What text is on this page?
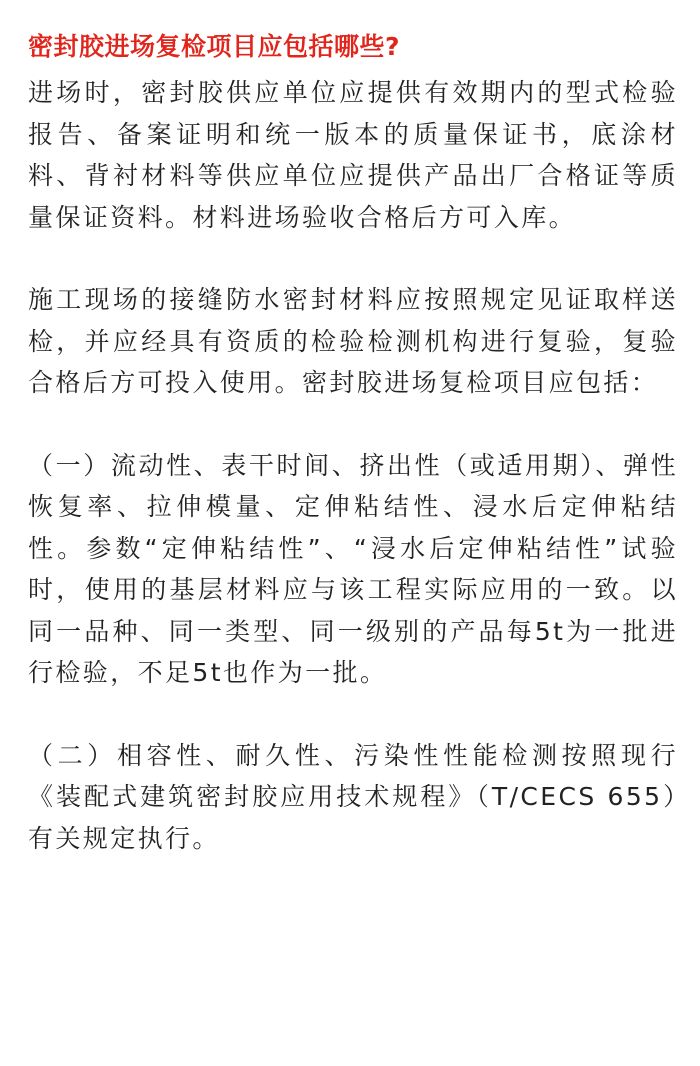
密封胶进场复检项目应包括哪些?

进场时，密封胶供应单位应提供有效期内的型式检验报告、备案证明和统一版本的质量保证书，底涂材料、背衬材料等供应单位应提供产品出厂合格证等质量保证资料。材料进场验收合格后方可入库。

施工现场的接缝防水密封材料应按照规定见证取样送检，并应经具有资质的检验检测机构进行复验，复验合格后方可投入使用。密封胶进场复检项目应包括：

（一）流动性、表干时间、挤出性（或适用期）、弹性恢复率、拉伸模量、定伸粘结性、浸水后定伸粘结性。参数“定伸粘结性”、“浸水后定伸粘结性”试验时，使用的基层材料应与该工程实际应用的一致。以同一品种、同一类型、同一级别的产品每5t为一批进行检验，不足5t也作为一批。

（二）相容性、耐久性、污染性性能检测按照现行《装配式建筑密封胶应用技术规程》（T/CECS 655）有关规定执行。
